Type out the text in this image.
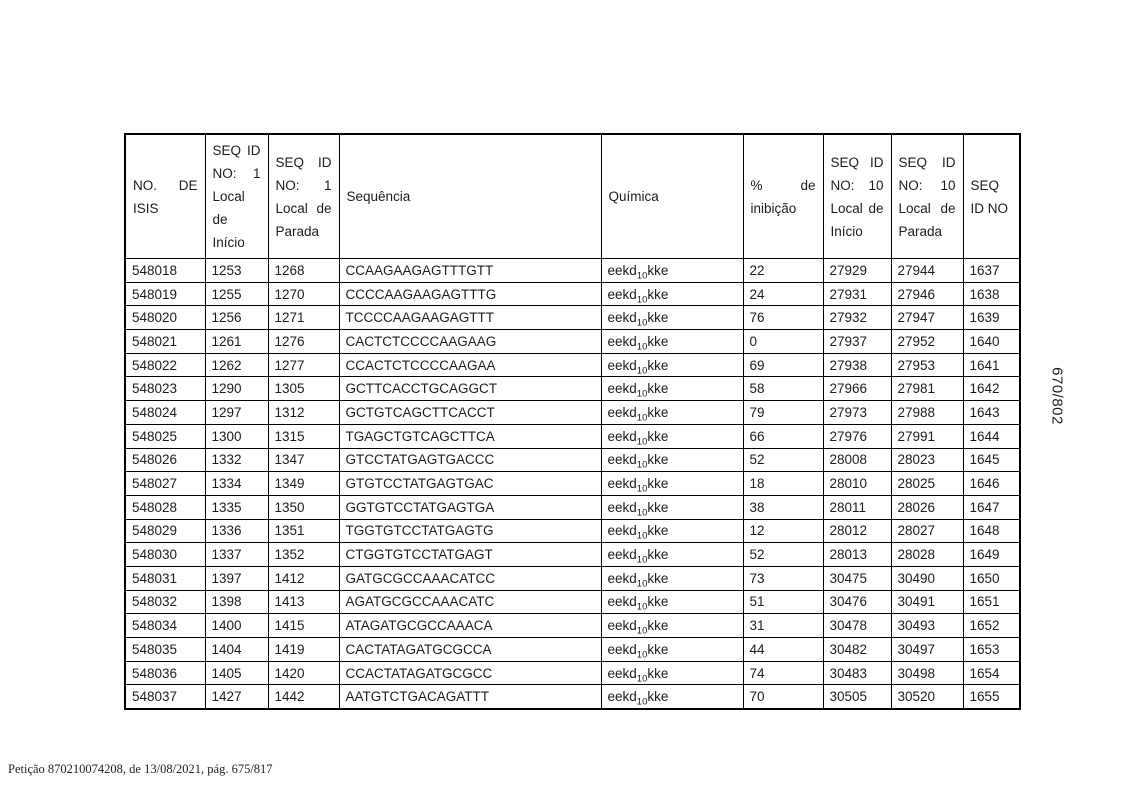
NO. DE ISIS	SEQ ID NO: 1 Local de Início	SEQ ID NO: 1 Local de Parada	Sequência	Química	% de inibição	SEQ ID NO: 10 Local de Início	SEQ ID NO: 10 Local de Parada	SEQ ID NO
548018	1253	1268	CCAAGAAGAGTTTGTT	eekd$_{10}$kke	22	27929	27944	1637
548019	1255	1270	CCCCAAGAAGAGTTTG	eekd$_{10}$kke	24	27931	27946	1638
548020	1256	1271	TCCCCAAGAAGAGTTT	eekd$_{10}$kke	76	27932	27947	1639
548021	1261	1276	CACTCTCCCCAAGAAG	eekd$_{10}$kke	0	27937	27952	1640
548022	1262	1277	CCACTCTCCCCAAGAA	eekd$_{10}$kke	69	27938	27953	1641
548023	1290	1305	GCTTCACCTGCAGGCT	eekd$_{10}$kke	58	27966	27981	1642
548024	1297	1312	GCTGTCAGCTTCACCT	eekd$_{10}$kke	79	27973	27988	1643
548025	1300	1315	TGAGCTGTCAGCTTCA	eekd$_{10}$kke	66	27976	27991	1644
548026	1332	1347	GTCCTATGAGTGACCC	eekd$_{10}$kke	52	28008	28023	1645
548027	1334	1349	GTGTCCTATGAGTGAC	eekd$_{10}$kke	18	28010	28025	1646
548028	1335	1350	GGTGTCCTATGAGTGA	eekd$_{10}$kke	38	28011	28026	1647
548029	1336	1351	TGGTGTCCTATGAGTG	eekd$_{10}$kke	12	28012	28027	1648
548030	1337	1352	CTGGTGTCCTATGAGT	eekd$_{10}$kke	52	28013	28028	1649
548031	1397	1412	GATGCGCCAAACATCC	eekd$_{10}$kke	73	30475	30490	1650
548032	1398	1413	AGATGCGCCAAACATC	eekd$_{10}$kke	51	30476	30491	1651
548034	1400	1415	ATAGATGCGCCAAACA	eekd$_{10}$kke	31	30478	30493	1652
548035	1404	1419	CACTATAGATGCGCCA	eekd$_{10}$kke	44	30482	30497	1653
548036	1405	1420	CCACTATAGATGCGCC	eekd$_{10}$kke	74	30483	30498	1654
548037	1427	1442	AATGTCTGACAGATTT	eekd$_{10}$kke	70	30505	30520	1655
670/802
Petição 870210074208, de 13/08/2021, pág. 675/817
